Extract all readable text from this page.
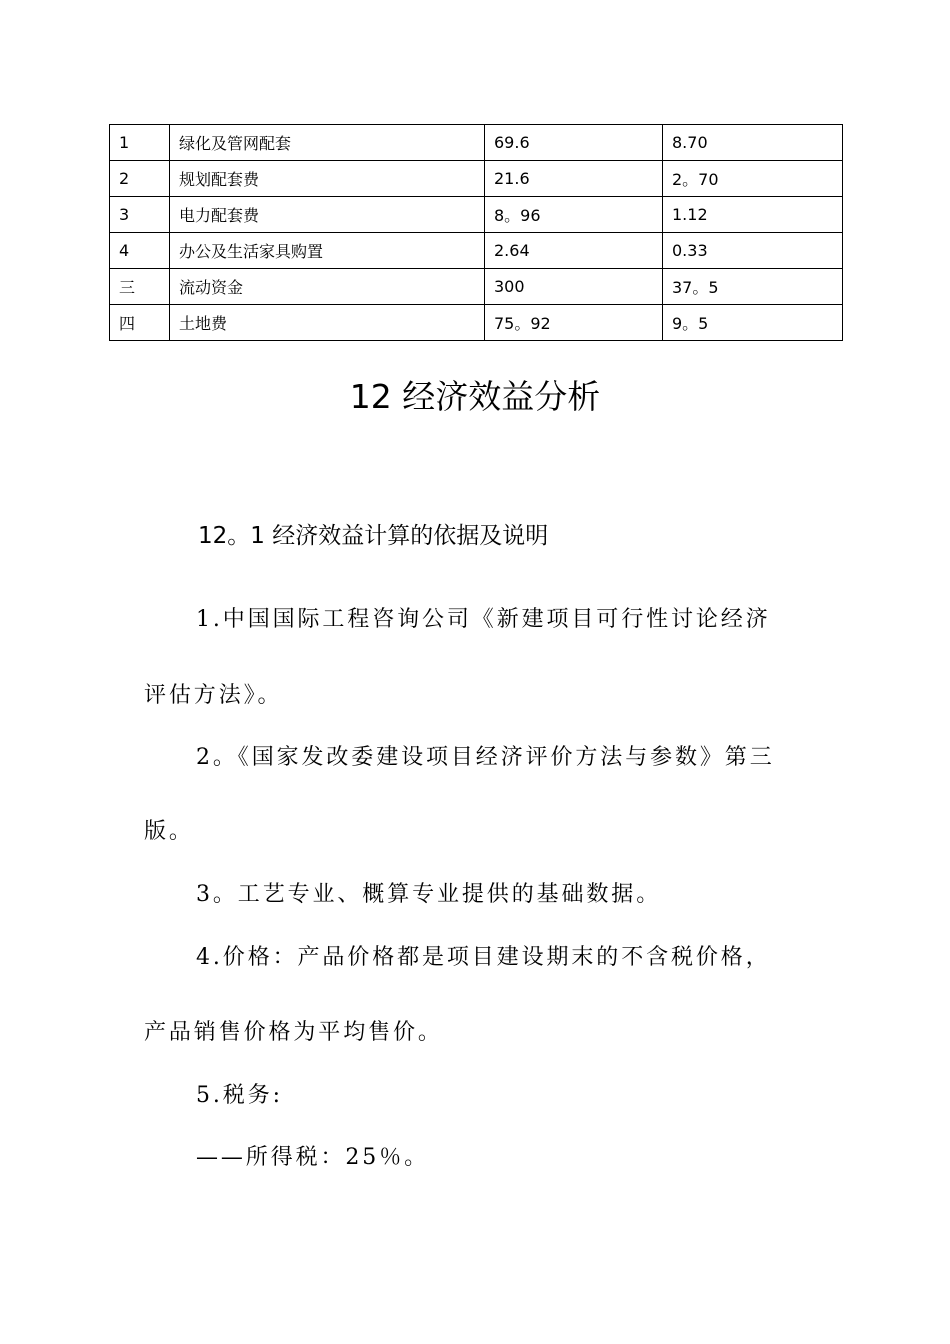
1	绿化及管网配套	69.6	8.70
2	规划配套费	21.6	2。70
3	电力配套费	8。96	1.12
4	办公及生活家具购置	2.64	0.33
三	流动资金	300	37。5
四	土地费	75。92	9。5
12 经济效益分析
12。1 经济效益计算的依据及说明
1.中国国际工程咨询公司《新建项目可行性讨论经济
评估方法》。
2。《国家发改委建设项目经济评价方法与参数》第三
版。
3。工艺专业、概算专业提供的基础数据。
4.价格：产品价格都是项目建设期末的不含税价格，
产品销售价格为平均售价。
5.税务:
——所得税：25％。
